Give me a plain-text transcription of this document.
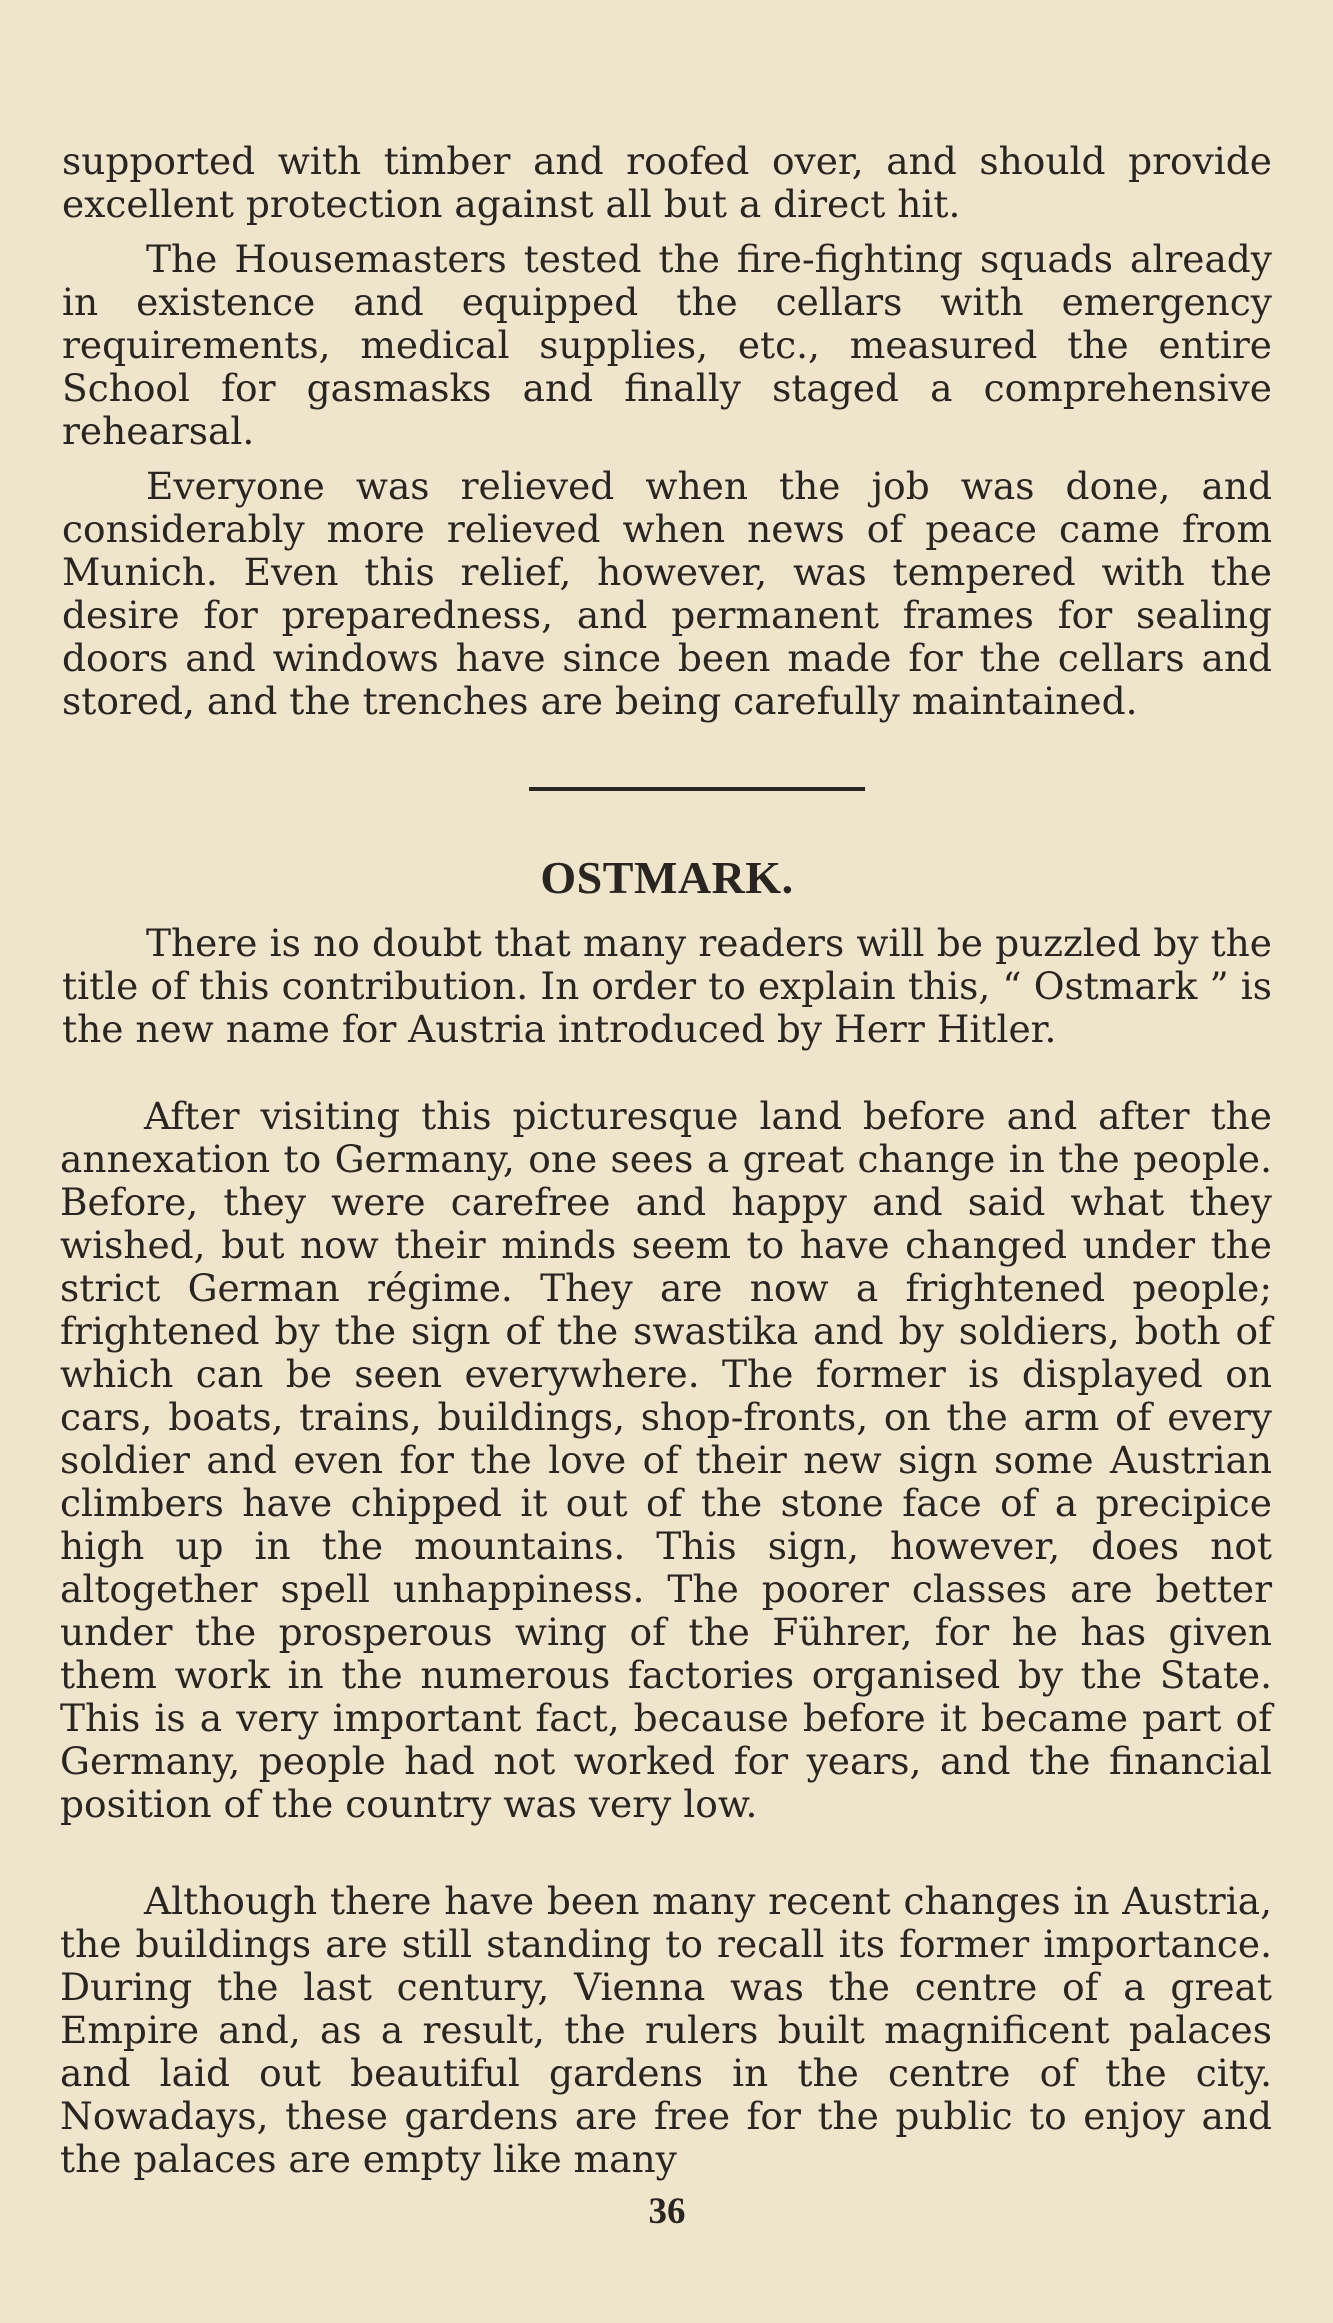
supported with timber and roofed over, and should provide excellent protection against all but a direct hit.

The Housemasters tested the fire-fighting squads already in existence and equipped the cellars with emergency requirements, medical supplies, etc., measured the entire School for gasmasks and finally staged a comprehensive rehearsal.

Everyone was relieved when the job was done, and considerably more relieved when news of peace came from Munich. Even this relief, however, was tempered with the desire for preparedness, and permanent frames for sealing doors and windows have since been made for the cellars and stored, and the trenches are being carefully maintained.

OSTMARK.

There is no doubt that many readers will be puzzled by the title of this contribution. In order to explain this, “ Ostmark ” is the new name for Austria introduced by Herr Hitler.

After visiting this picturesque land before and after the annexation to Germany, one sees a great change in the people. Before, they were carefree and happy and said what they wished, but now their minds seem to have changed under the strict German régime. They are now a frightened people; frightened by the sign of the swastika and by soldiers, both of which can be seen everywhere. The former is displayed on cars, boats, trains, buildings, shop-fronts, on the arm of every soldier and even for the love of their new sign some Austrian climbers have chipped it out of the stone face of a precipice high up in the mountains. This sign, however, does not altogether spell unhappiness. The poorer classes are better under the prosperous wing of the Führer, for he has given them work in the numerous factories organised by the State. This is a very important fact, because before it became part of Germany, people had not worked for years, and the financial position of the country was very low.

Although there have been many recent changes in Austria, the buildings are still standing to recall its former importance. During the last century, Vienna was the centre of a great Empire and, as a result, the rulers built magnificent palaces and laid out beautiful gardens in the centre of the city. Nowadays, these gardens are free for the public to enjoy and the palaces are empty like many

36
